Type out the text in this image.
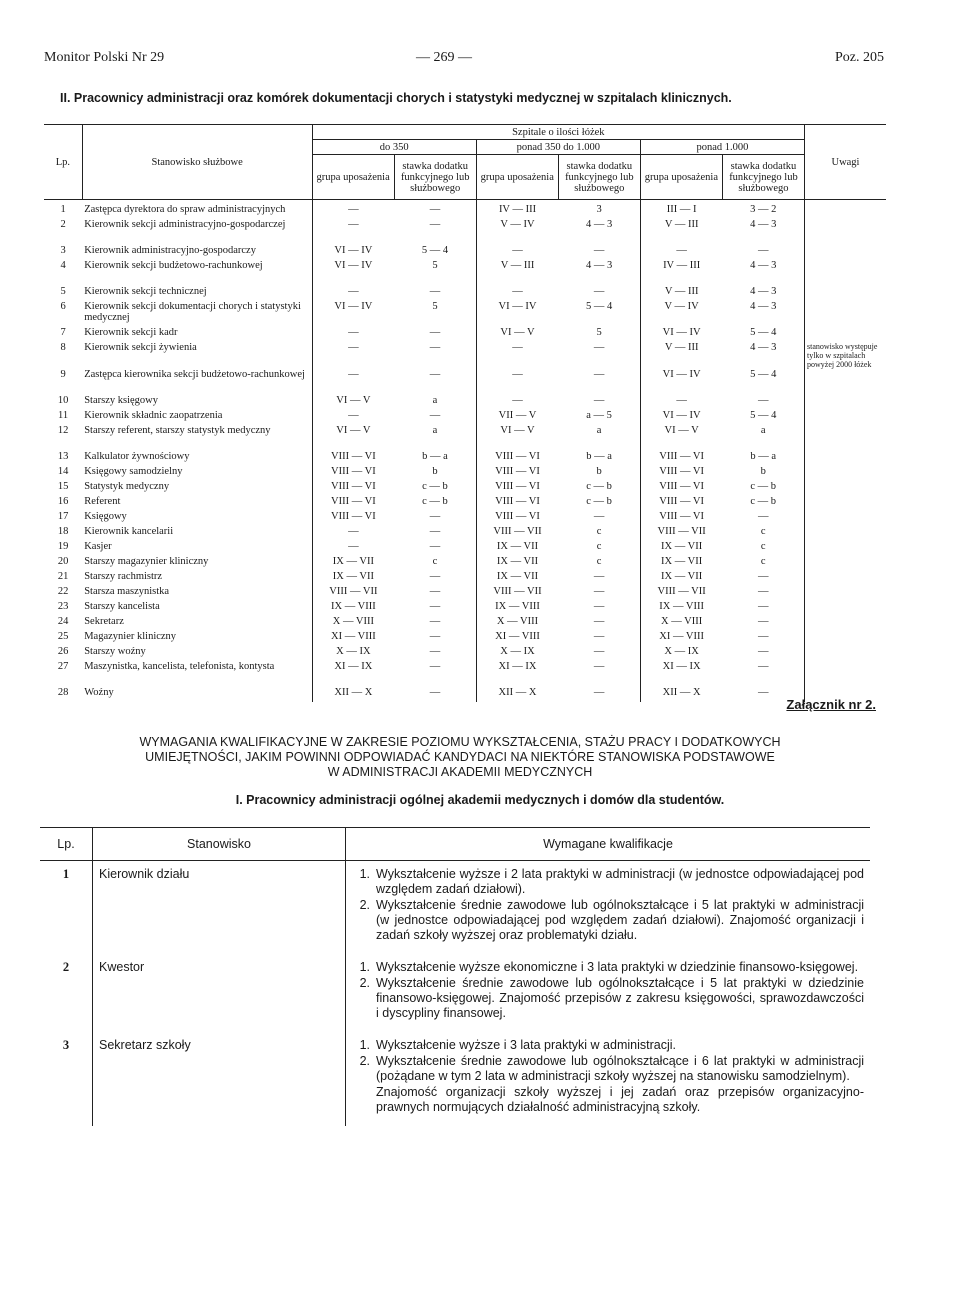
Monitor Polski Nr 29	— 269 —	Poz. 205
II. Pracownicy administracji oraz komórek dokumentacji chorych i statystyki medycznej w szpitalach klinicznych.
Lp.	Stanowisko służbowe	Szpitale o ilości łóżek						Uwagi
		do 350		ponad 350 do 1.000		ponad 1.000		
		grupa uposażenia	stawka dodatku funkcyjnego lub służbowego	grupa uposażenia	stawka dodatku funkcyjnego lub służbowego	grupa uposażenia	stawka dodatku funkcyjnego lub służbowego	
1	Zastępca dyrektora do spraw administracyjnych	—	—	IV — III	3	III — I	3 — 2	
2	Kierownik sekcji administracyjno-gospodarczej	—	—	V — IV	4 — 3	V — III	4 — 3	
3	Kierownik administracyjno-gospodarczy	VI — IV	5 — 4	—	—	—	—	
4	Kierownik sekcji budżetowo-rachunkowej	VI — IV	5	V — III	4 — 3	IV — III	4 — 3	
5	Kierownik sekcji technicznej	—	—	—	—	V — III	4 — 3	
6	Kierownik sekcji dokumentacji chorych i statystyki medycznej	VI — IV	5	VI — IV	5 — 4	V — IV	4 — 3	
7	Kierownik sekcji kadr	—	—	VI — V	5	VI — IV	5 — 4	
8	Kierownik sekcji żywienia	—	—	—	—	V — III	4 — 3	stanowisko występuje tylko w szpitalach powyżej 2000 łóżek
9	Zastępca kierownika sekcji budżetowo-rachunkowej	—	—	—	—	VI — IV	5 — 4	
10	Starszy księgowy	VI — V	a	—	—	—	—	
11	Kierownik składnic zaopatrzenia	—	—	VII — V	a — 5	VI — IV	5 — 4	
12	Starszy referent, starszy statystyk medyczny	VI — V	a	VI — V	a	VI — V	a	
13	Kalkulator żywnościowy	VIII — VI	b — a	VIII — VI	b — a	VIII — VI	b — a	
14	Księgowy samodzielny	VIII — VI	b	VIII — VI	b	VIII — VI	b	
15	Statystyk medyczny	VIII — VI	c — b	VIII — VI	c — b	VIII — VI	c — b	
16	Referent	VIII — VI	c — b	VIII — VI	c — b	VIII — VI	c — b	
17	Księgowy	VIII — VI	—	VIII — VI	—	VIII — VI	—	
18	Kierownik kancelarii	—	—	VIII — VII	c	VIII — VII	c	
19	Kasjer	—	—	IX — VII	c	IX — VII	c	
20	Starszy magazynier kliniczny	IX — VII	c	IX — VII	c	IX — VII	c	
21	Starszy rachmistrz	IX — VII	—	IX — VII	—	IX — VII	—	
22	Starsza maszynistka	VIII — VII	—	VIII — VII	—	VIII — VII	—	
23	Starszy kancelista	IX — VIII	—	IX — VIII	—	IX — VIII	—	
24	Sekretarz	X — VIII	—	X — VIII	—	X — VIII	—	
25	Magazynier kliniczny	XI — VIII	—	XI — VIII	—	XI — VIII	—	
26	Starszy woźny	X — IX	—	X — IX	—	X — IX	—	
27	Maszynistka, kancelista, telefonista, kontysta	XI — IX	—	XI — IX	—	XI — IX	—	
28	Woźny	XII — X	—	XII — X	—	XII — X	—	
Załącznik nr 2.
WYMAGANIA KWALIFIKACYJNE W ZAKRESIE POZIOMU WYKSZTAŁCENIA, STAŻU PRACY I DODATKOWYCH
UMIEJĘTNOŚCI, JAKIM POWINNI ODPOWIADAĆ KANDYDACI NA NIEKTÓRE STANOWISKA PODSTAWOWE
W ADMINISTRACJI AKADEMII MEDYCZNYCH
I. Pracownicy administracji ogólnej akademii medycznych i domów dla studentów.
Lp.	Stanowisko	Wymagane kwalifikacje
1	Kierownik działu	1. Wykształcenie wyższe i 2 lata praktyki w administracji (w jednostce odpowiadającej pod względem zadań działowi).
2. Wykształcenie średnie zawodowe lub ogólnokształcące i 5 lat praktyki w administracji (w jednostce odpowiadającej pod względem zadań działowi). Znajomość organizacji i zadań szkoły wyższej oraz problematyki działu.

2	Kwestor	1. Wykształcenie wyższe ekonomiczne i 3 lata praktyki w dziedzinie finansowo-księgowej.
2. Wykształcenie średnie zawodowe lub ogólnokształcące i 5 lat praktyki w dziedzinie finansowo-księgowej. Znajomość przepisów z zakresu księgowości, sprawozdawczości i dyscypliny finansowej.

3	Sekretarz szkoły	1. Wykształcenie wyższe i 3 lata praktyki w administracji.
2. Wykształcenie średnie zawodowe lub ogólnokształcące i 6 lat praktyki w administracji (pożądane w tym 2 lata w administracji szkoły wyższej na stanowisku samodzielnym).
Znajomość organizacji szkoły wyższej i jej zadań oraz przepisów organizacyjno-prawnych normujących działalność administracyjną szkoły.
